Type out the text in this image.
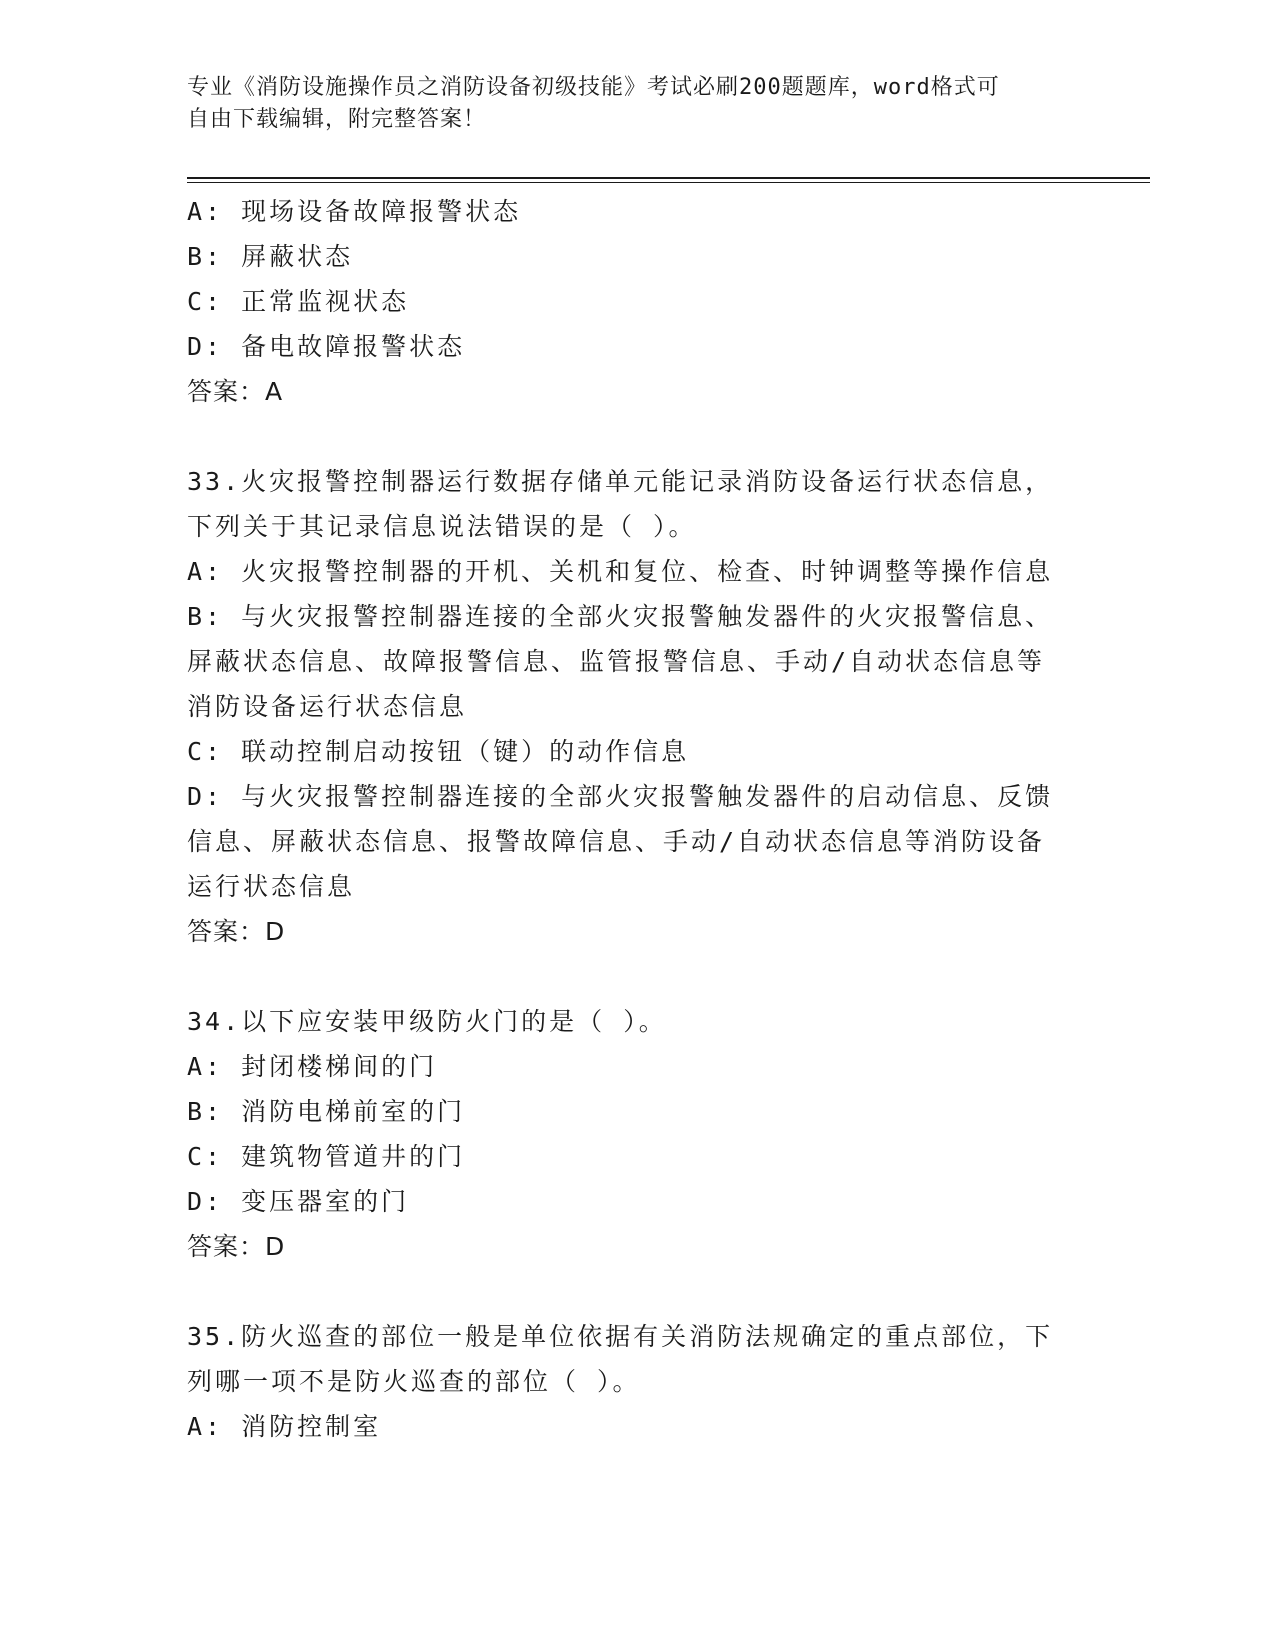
专业《消防设施操作员之消防设备初级技能》考试必刷200题题库，word格式可
自由下载编辑，附完整答案！
A: 现场设备故障报警状态
B: 屏蔽状态
C: 正常监视状态
D: 备电故障报警状态
答案：A
33.火灾报警控制器运行数据存储单元能记录消防设备运行状态信息，
下列关于其记录信息说法错误的是（ ）。
A: 火灾报警控制器的开机、关机和复位、检查、时钟调整等操作信息
B: 与火灾报警控制器连接的全部火灾报警触发器件的火灾报警信息、
屏蔽状态信息、故障报警信息、监管报警信息、手动/自动状态信息等
消防设备运行状态信息
C: 联动控制启动按钮（键）的动作信息
D: 与火灾报警控制器连接的全部火灾报警触发器件的启动信息、反馈
信息、屏蔽状态信息、报警故障信息、手动/自动状态信息等消防设备
运行状态信息
答案：D
34.以下应安装甲级防火门的是（ ）。
A: 封闭楼梯间的门
B: 消防电梯前室的门
C: 建筑物管道井的门
D: 变压器室的门
答案：D
35.防火巡查的部位一般是单位依据有关消防法规确定的重点部位，下
列哪一项不是防火巡查的部位（ ）。
A: 消防控制室
